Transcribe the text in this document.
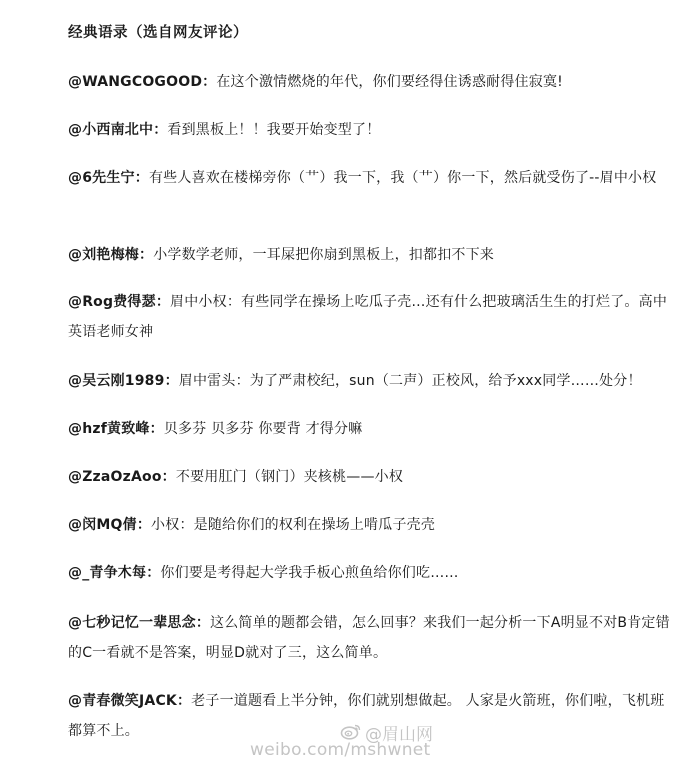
经典语录（选自网友评论）
@WANGCOGOOD：在这个激情燃烧的年代，你们要经得住诱惑耐得住寂寞!
@小西南北中：看到黑板上！！我要开始变型了！
@6先生宁：有些人喜欢在楼梯旁你（艹）我一下，我（艹）你一下，然后就受伤了--眉中小权
@刘艳梅梅：小学数学老师，一耳屎把你扇到黑板上，扣都扣不下来
@Rog费得瑟：眉中小权：有些同学在操场上吃瓜子壳…还有什么把玻璃活生生的打烂了。高中英语老师女神
@吴云刚1989：眉中雷头：为了严肃校纪，sun（二声）正校风，给予xxx同学……处分！
@hzf黄致峰：贝多芬 贝多芬 你要背 才得分嘛
@ZzaOzAoo：不要用肛门（钢门）夹核桃——小权
@闵MQ倩：小权：是随给你们的权利在操场上啃瓜子壳壳
@_青争木每：你们要是考得起大学我手板心煎鱼给你们吃……
@七秒记忆一辈思念：这么简单的题都会错，怎么回事？来我们一起分析一下A明显不对B肯定错的C一看就不是答案，明显D就对了三，这么简单。
@青春微笑JACK：老子一道题看上半分钟，你们就别想做起。 人家是火箭班，你们啦，飞机班都算不上。	@眉山网
weibo.com/mshwnet
